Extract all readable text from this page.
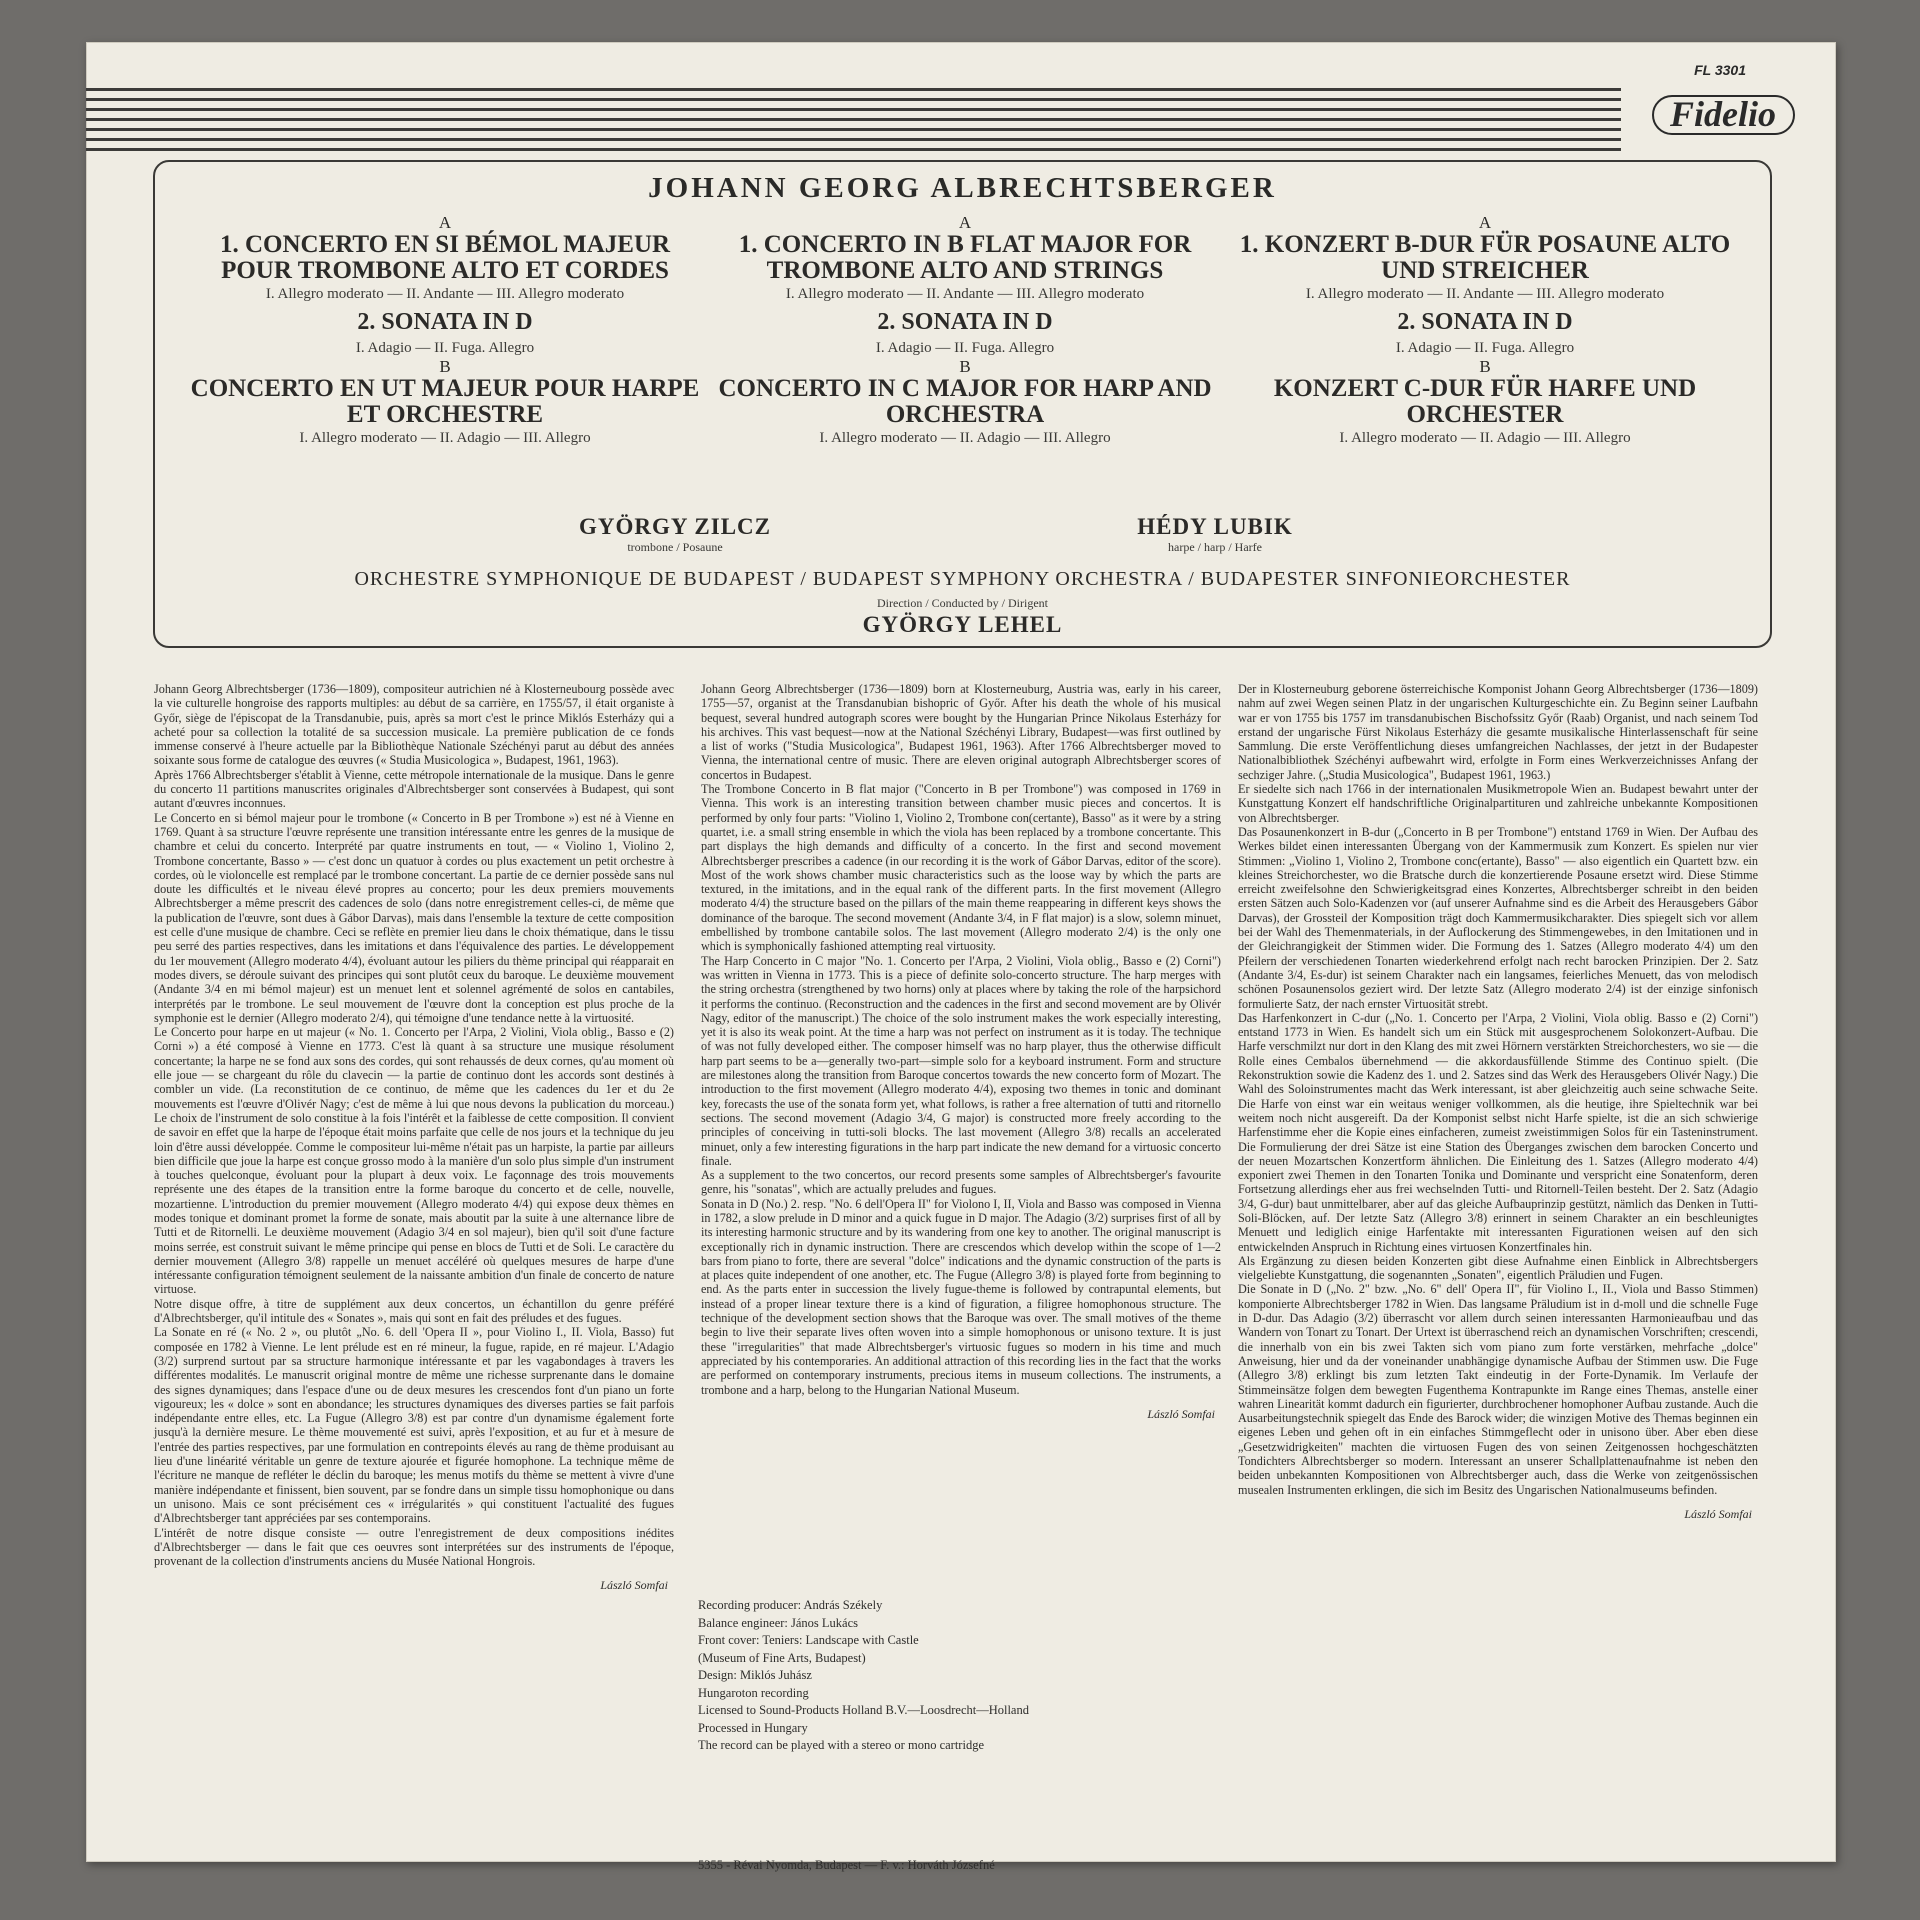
FL 3301
Fidelio
JOHANN GEORG ALBRECHTSBERGER
A
1. CONCERTO EN SI BÉMOL MAJEUR POUR TROMBONE ALTO ET CORDES
I. Allegro moderato — II. Andante — III. Allegro moderato
2. SONATA IN D
I. Adagio — II. Fuga. Allegro
B
CONCERTO EN UT MAJEUR POUR HARPE ET ORCHESTRE
I. Allegro moderato — II. Adagio — III. Allegro
A
1. CONCERTO IN B FLAT MAJOR FOR TROMBONE ALTO AND STRINGS
I. Allegro moderato — II. Andante — III. Allegro moderato
2. SONATA IN D
I. Adagio — II. Fuga. Allegro
B
CONCERTO IN C MAJOR FOR HARP AND ORCHESTRA
I. Allegro moderato — II. Adagio — III. Allegro
A
1. KONZERT B-DUR FÜR POSAUNE ALTO UND STREICHER
I. Allegro moderato — II. Andante — III. Allegro moderato
2. SONATA IN D
I. Adagio — II. Fuga. Allegro
B
KONZERT C-DUR FÜR HARFE UND ORCHESTER
I. Allegro moderato — II. Adagio — III. Allegro
GYÖRGY ZILCZ
trombone / Posaune
HÉDY LUBIK
harpe / harp / Harfe
ORCHESTRE SYMPHONIQUE DE BUDAPEST / BUDAPEST SYMPHONY ORCHESTRA / BUDAPESTER SINFONIEORCHESTER
Direction / Conducted by / Dirigent
GYÖRGY LEHEL

Johann Georg Albrechtsberger (1736—1809), compositeur autrichien né à Klosterneubourg possède avec la vie culturelle hongroise des rapports multiples: au début de sa carrière, en 1755/57, il était organiste à Győr, siège de l'épiscopat de la Transdanubie, puis, après sa mort c'est le prince Miklós Esterházy qui a acheté pour sa collection la totalité de sa succession musicale. La première publication de ce fonds immense conservé à l'heure actuelle par la Bibliothèque Nationale Széchényi parut au début des années soixante sous forme de catalogue des œuvres (« Studia Musicologica », Budapest, 1961, 1963).

Après 1766 Albrechtsberger s'établit à Vienne, cette métropole internationale de la musique. Dans le genre du concerto 11 partitions manuscrites originales d'Albrechtsberger sont conservées à Budapest, qui sont autant d'œuvres inconnues.

Le Concerto en si bémol majeur pour le trombone (« Concerto in B per Trombone ») est né à Vienne en 1769. Quant à sa structure l'œuvre représente une transition intéressante entre les genres de la musique de chambre et celui du concerto. Interprété par quatre instruments en tout, — « Violino 1, Violino 2, Trombone concertante, Basso » — c'est donc un quatuor à cordes ou plus exactement un petit orchestre à cordes, où le violoncelle est remplacé par le trombone concertant. La partie de ce dernier possède sans nul doute les difficultés et le niveau élevé propres au concerto; pour les deux premiers mouvements Albrechtsberger a même prescrit des cadences de solo (dans notre enregistrement celles-ci, de même que la publication de l'œuvre, sont dues à Gábor Darvas), mais dans l'ensemble la texture de cette composition est celle d'une musique de chambre. Ceci se reflète en premier lieu dans le choix thématique, dans le tissu peu serré des parties respectives, dans les imitations et dans l'équivalence des parties. Le développement du 1er mouvement (Allegro moderato 4/4), évoluant autour les piliers du thème principal qui réapparait en modes divers, se déroule suivant des principes qui sont plutôt ceux du baroque. Le deuxième mouvement (Andante 3/4 en mi bémol majeur) est un menuet lent et solennel agrémenté de solos en cantabiles, interprétés par le trombone. Le seul mouvement de l'œuvre dont la conception est plus proche de la symphonie est le dernier (Allegro moderato 2/4), qui témoigne d'une tendance nette à la virtuosité.

Le Concerto pour harpe en ut majeur (« No. 1. Concerto per l'Arpa, 2 Violini, Viola oblig., Basso e (2) Corni ») a été composé à Vienne en 1773. C'est là quant à sa structure une musique résolument concertante; la harpe ne se fond aux sons des cordes, qui sont rehaussés de deux cornes, qu'au moment où elle joue — se chargeant du rôle du clavecin — la partie de continuo dont les accords sont destinés à combler un vide. (La reconstitution de ce continuo, de même que les cadences du 1er et du 2e mouvements est l'œuvre d'Olivér Nagy; c'est de même à lui que nous devons la publication du morceau.) Le choix de l'instrument de solo constitue à la fois l'intérêt et la faiblesse de cette composition. Il convient de savoir en effet que la harpe de l'époque était moins parfaite que celle de nos jours et la technique du jeu loin d'être aussi développée. Comme le compositeur lui-même n'était pas un harpiste, la partie par ailleurs bien difficile que joue la harpe est conçue grosso modo à la manière d'un solo plus simple d'un instrument à touches quelconque, évoluant pour la plupart à deux voix. Le façonnage des trois mouvements représente une des étapes de la transition entre la forme baroque du concerto et de celle, nouvelle, mozartienne. L'introduction du premier mouvement (Allegro moderato 4/4) qui expose deux thèmes en modes tonique et dominant promet la forme de sonate, mais aboutit par la suite à une alternance libre de Tutti et de Ritornelli. Le deuxième mouvement (Adagio 3/4 en sol majeur), bien qu'il soit d'une facture moins serrée, est construit suivant le même principe qui pense en blocs de Tutti et de Soli. Le caractère du dernier mouvement (Allegro 3/8) rappelle un menuet accéléré où quelques mesures de harpe d'une intéressante configuration témoignent seulement de la naissante ambition d'un finale de concerto de nature virtuose.

Notre disque offre, à titre de supplément aux deux concertos, un échantillon du genre préféré d'Albrechtsberger, qu'il intitule des « Sonates », mais qui sont en fait des préludes et des fugues.

La Sonate en ré (« No. 2 », ou plutôt „No. 6. dell 'Opera II », pour Violino I., II. Viola, Basso) fut composée en 1782 à Vienne. Le lent prélude est en ré mineur, la fugue, rapide, en ré majeur. L'Adagio (3/2) surprend surtout par sa structure harmonique intéressante et par les vagabondages à travers les différentes modalités. Le manuscrit original montre de même une richesse surprenante dans le domaine des signes dynamiques; dans l'espace d'une ou de deux mesures les crescendos font d'un piano un forte vigoureux; les « dolce » sont en abondance; les structures dynamiques des diverses parties se fait parfois indépendante entre elles, etc. La Fugue (Allegro 3/8) est par contre d'un dynamisme également forte jusqu'à la dernière mesure. Le thème mouvementé est suivi, après l'exposition, et au fur et à mesure de l'entrée des parties respectives, par une formulation en contrepoints élevés au rang de thème produisant au lieu d'une linéarité véritable un genre de texture ajourée et figurée homophone. La technique même de l'écriture ne manque de refléter le déclin du baroque; les menus motifs du thème se mettent à vivre d'une manière indépendante et finissent, bien souvent, par se fondre dans un simple tissu homophonique ou dans un unisono. Mais ce sont précisément ces « irrégularités » qui constituent l'actualité des fugues d'Albrechtsberger tant appréciées par ses contemporains.

L'intérêt de notre disque consiste — outre l'enregistrement de deux compositions inédites d'Albrechtsberger — dans le fait que ces oeuvres sont interprétées sur des instruments de l'époque, provenant de la collection d'instruments anciens du Musée National Hongrois.

László Somfai

Johann Georg Albrechtsberger (1736—1809) born at Klosterneuburg, Austria was, early in his career, 1755—57, organist at the Transdanubian bishopric of Győr. After his death the whole of his musical bequest, several hundred autograph scores were bought by the Hungarian Prince Nikolaus Esterházy for his archives. This vast bequest—now at the National Széchényi Library, Budapest—was first outlined by a list of works ("Studia Musicologica", Budapest 1961, 1963). After 1766 Albrechtsberger moved to Vienna, the international centre of music. There are eleven original autograph Albrechtsberger scores of concertos in Budapest.

The Trombone Concerto in B flat major ("Concerto in B per Trombone") was composed in 1769 in Vienna. This work is an interesting transition between chamber music pieces and concertos. It is performed by only four parts: "Violino 1, Violino 2, Trombone con(certante), Basso" as it were by a string quartet, i.e. a small string ensemble in which the viola has been replaced by a trombone concertante. This part displays the high demands and difficulty of a concerto. In the first and second movement Albrechtsberger prescribes a cadence (in our recording it is the work of Gábor Darvas, editor of the score). Most of the work shows chamber music characteristics such as the loose way by which the parts are textured, in the imitations, and in the equal rank of the different parts. In the first movement (Allegro moderato 4/4) the structure based on the pillars of the main theme reappearing in different keys shows the dominance of the baroque. The second movement (Andante 3/4, in F flat major) is a slow, solemn minuet, embellished by trombone cantabile solos. The last movement (Allegro moderato 2/4) is the only one which is symphonically fashioned attempting real virtuosity.

The Harp Concerto in C major "No. 1. Concerto per l'Arpa, 2 Violini, Viola oblig., Basso e (2) Corni") was written in Vienna in 1773. This is a piece of definite solo-concerto structure. The harp merges with the string orchestra (strengthened by two horns) only at places where by taking the role of the harpsichord it performs the continuo. (Reconstruction and the cadences in the first and second movement are by Olivér Nagy, editor of the manuscript.) The choice of the solo instrument makes the work especially interesting, yet it is also its weak point. At the time a harp was not perfect on instrument as it is today. The technique of was not fully developed either. The composer himself was no harp player, thus the otherwise difficult harp part seems to be a—generally two-part—simple solo for a keyboard instrument. Form and structure are milestones along the transition from Baroque concertos towards the new concerto form of Mozart. The introduction to the first movement (Allegro moderato 4/4), exposing two themes in tonic and dominant key, forecasts the use of the sonata form yet, what follows, is rather a free alternation of tutti and ritornello sections. The second movement (Adagio 3/4, G major) is constructed more freely according to the principles of conceiving in tutti-soli blocks. The last movement (Allegro 3/8) recalls an accelerated minuet, only a few interesting figurations in the harp part indicate the new demand for a virtuosic concerto finale.

As a supplement to the two concertos, our record presents some samples of Albrechtsberger's favourite genre, his "sonatas", which are actually preludes and fugues.

Sonata in D (No.) 2. resp. "No. 6 dell'Opera II" for Violono I, II, Viola and Basso was composed in Vienna in 1782, a slow prelude in D minor and a quick fugue in D major. The Adagio (3/2) surprises first of all by its interesting harmonic structure and by its wandering from one key to another. The original manuscript is exceptionally rich in dynamic instruction. There are crescendos which develop within the scope of 1—2 bars from piano to forte, there are several "dolce" indications and the dynamic construction of the parts is at places quite independent of one another, etc. The Fugue (Allegro 3/8) is played forte from beginning to end. As the parts enter in succession the lively fugue-theme is followed by contrapuntal elements, but instead of a proper linear texture there is a kind of figuration, a filigree homophonous structure. The technique of the development section shows that the Baroque was over. The small motives of the theme begin to live their separate lives often woven into a simple homophonous or unisono texture. It is just these "irregularities" that made Albrechtsberger's virtuosic fugues so modern in his time and much appreciated by his contemporaries. An additional attraction of this recording lies in the fact that the works are performed on contemporary instruments, precious items in museum collections. The instruments, a trombone and a harp, belong to the Hungarian National Museum.

László Somfai

Der in Klosterneuburg geborene österreichische Komponist Johann Georg Albrechtsberger (1736—1809) nahm auf zwei Wegen seinen Platz in der ungarischen Kulturgeschichte ein. Zu Beginn seiner Laufbahn war er von 1755 bis 1757 im transdanubischen Bischofssitz Győr (Raab) Organist, und nach seinem Tod erstand der ungarische Fürst Nikolaus Esterházy die gesamte musikalische Hinterlassenschaft für seine Sammlung. Die erste Veröffentlichung dieses umfangreichen Nachlasses, der jetzt in der Budapester Nationalbibliothek Széchényi aufbewahrt wird, erfolgte in Form eines Werkverzeichnisses Anfang der sechziger Jahre. („Studia Musicologica", Budapest 1961, 1963.)

Er siedelte sich nach 1766 in der internationalen Musikmetropole Wien an. Budapest bewahrt unter der Kunstgattung Konzert elf handschriftliche Originalpartituren und zahlreiche unbekannte Kompositionen von Albrechtsberger.

Das Posaunenkonzert in B-dur („Concerto in B per Trombone") entstand 1769 in Wien. Der Aufbau des Werkes bildet einen interessanten Übergang von der Kammermusik zum Konzert. Es spielen nur vier Stimmen: „Violino 1, Violino 2, Trombone conc(ertante), Basso" — also eigentlich ein Quartett bzw. ein kleines Streichorchester, wo die Bratsche durch die konzertierende Posaune ersetzt wird. Diese Stimme erreicht zweifelsohne den Schwierigkeitsgrad eines Konzertes, Albrechtsberger schreibt in den beiden ersten Sätzen auch Solo-Kadenzen vor (auf unserer Aufnahme sind es die Arbeit des Herausgebers Gábor Darvas), der Grossteil der Komposition trägt doch Kammermusikcharakter. Dies spiegelt sich vor allem bei der Wahl des Themenmaterials, in der Auflockerung des Stimmengewebes, in den Imitationen und in der Gleichrangigkeit der Stimmen wider. Die Formung des 1. Satzes (Allegro moderato 4/4) um den Pfeilern der verschiedenen Tonarten wiederkehrend erfolgt nach recht barocken Prinzipien. Der 2. Satz (Andante 3/4, Es-dur) ist seinem Charakter nach ein langsames, feierliches Menuett, das von melodisch schönen Posaunensolos geziert wird. Der letzte Satz (Allegro moderato 2/4) ist der einzige sinfonisch formulierte Satz, der nach ernster Virtuosität strebt.

Das Harfenkonzert in C-dur („No. 1. Concerto per l'Arpa, 2 Violini, Viola oblig. Basso e (2) Corni") entstand 1773 in Wien. Es handelt sich um ein Stück mit ausgesprochenem Solokonzert-Aufbau. Die Harfe verschmilzt nur dort in den Klang des mit zwei Hörnern verstärkten Streichorchesters, wo sie — die Rolle eines Cembalos übernehmend — die akkordausfüllende Stimme des Continuo spielt. (Die Rekonstruktion sowie die Kadenz des 1. und 2. Satzes sind das Werk des Herausgebers Olivér Nagy.) Die Wahl des Soloinstrumentes macht das Werk interessant, ist aber gleichzeitig auch seine schwache Seite. Die Harfe von einst war ein weitaus weniger vollkommen, als die heutige, ihre Spieltechnik war bei weitem noch nicht ausgereift. Da der Komponist selbst nicht Harfe spielte, ist die an sich schwierige Harfenstimme eher die Kopie eines einfacheren, zumeist zweistimmigen Solos für ein Tasteninstrument. Die Formulierung der drei Sätze ist eine Station des Überganges zwischen dem barocken Concerto und der neuen Mozartschen Konzertform ähnlichen. Die Einleitung des 1. Satzes (Allegro moderato 4/4) exponiert zwei Themen in den Tonarten Tonika und Dominante und verspricht eine Sonatenform, deren Fortsetzung allerdings eher aus frei wechselnden Tutti- und Ritornell-Teilen besteht. Der 2. Satz (Adagio 3/4, G-dur) baut unmittelbarer, aber auf das gleiche Aufbauprinzip gestützt, nämlich das Denken in Tutti-Soli-Blöcken, auf. Der letzte Satz (Allegro 3/8) erinnert in seinem Charakter an ein beschleunigtes Menuett und lediglich einige Harfentakte mit interessanten Figurationen weisen auf den sich entwickelnden Anspruch in Richtung eines virtuosen Konzertfinales hin.

Als Ergänzung zu diesen beiden Konzerten gibt diese Aufnahme einen Einblick in Albrechtsbergers vielgeliebte Kunstgattung, die sogenannten „Sonaten", eigentlich Präludien und Fugen.

Die Sonate in D („No. 2" bzw. „No. 6" dell' Opera II", für Violino I., II., Viola und Basso Stimmen) komponierte Albrechtsberger 1782 in Wien. Das langsame Präludium ist in d-moll und die schnelle Fuge in D-dur. Das Adagio (3/2) überrascht vor allem durch seinen interessanten Harmonieaufbau und das Wandern von Tonart zu Tonart. Der Urtext ist überraschend reich an dynamischen Vorschriften; crescendi, die innerhalb von ein bis zwei Takten sich vom piano zum forte verstärken, mehrfache „dolce" Anweisung, hier und da der voneinander unabhängige dynamische Aufbau der Stimmen usw. Die Fuge (Allegro 3/8) erklingt bis zum letzten Takt eindeutig in der Forte-Dynamik. Im Verlaufe der Stimmeinsätze folgen dem bewegten Fugenthema Kontrapunkte im Range eines Themas, anstelle einer wahren Linearität kommt dadurch ein figurierter, durchbrochener homophoner Aufbau zustande. Auch die Ausarbeitungstechnik spiegelt das Ende des Barock wider; die winzigen Motive des Themas beginnen ein eigenes Leben und gehen oft in ein einfaches Stimmgeflecht oder in unisono über. Aber eben diese „Gesetzwidrigkeiten" machten die virtuosen Fugen des von seinen Zeitgenossen hochgeschätzten Tondichters Albrechtsberger so modern. Interessant an unserer Schallplattenaufnahme ist neben den beiden unbekannten Kompositionen von Albrechtsberger auch, dass die Werke von zeitgenössischen musealen Instrumenten erklingen, die sich im Besitz des Ungarischen Nationalmuseums befinden.

László Somfai
Recording producer: András Székely
Balance engineer: János Lukács
Front cover: Teniers: Landscape with Castle
(Museum of Fine Arts, Budapest)
Design: Miklós Juhász
Hungaroton recording
Licensed to Sound-Products Holland B.V.—Loosdrecht—Holland
Processed in Hungary
The record can be played with a stereo or mono cartridge
5355 - Révai Nyomda, Budapest — F. v.: Horváth Józsefné
